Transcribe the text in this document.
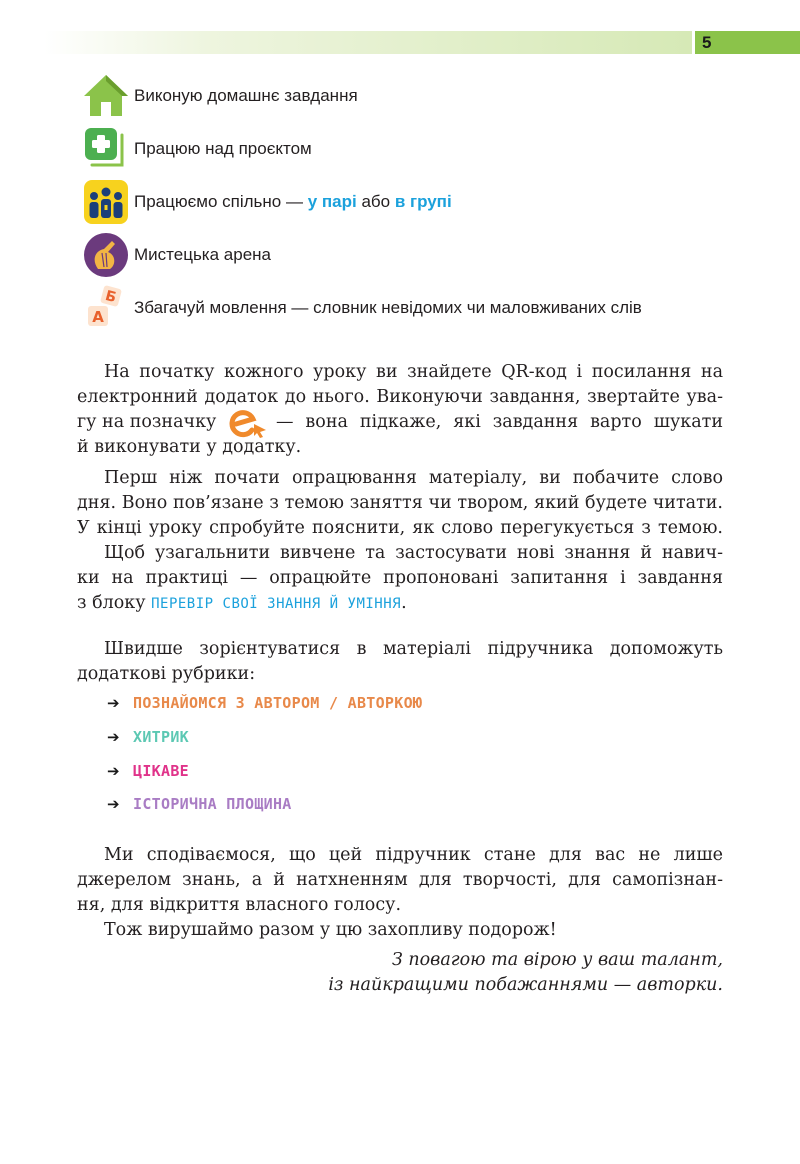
5
Виконую домашнє завдання
Працюю над проєктом
Працюємо спільно — у парі або в групі
Мистецька арена
Б
А Збагачуй мовлення — словник невідомих чи маловживаних слів
На початку кожного уроку ви знайдете QR-код і посилання на
електронний додаток до нього. Виконуючи завдання, звертайте ува-
гу на позначку	— вона підкаже, які завдання варто шукати
й виконувати у додатку.
Перш ніж почати опрацювання матеріалу, ви побачите слово
дня. Воно пов’язане з темою заняття чи твором, який будете читати.
У кінці уроку спробуйте пояснити, як слово перегукується з темою.
Щоб узагальнити вивчене та застосувати нові знання й навич-
ки на практиці — опрацюйте пропоновані запитання і завдання
з блоку ПЕРЕВІР СВОЇ ЗНАННЯ Й УМІННЯ.
Швидше зорієнтуватися в матеріалі підручника допоможуть
додаткові рубрики:
➔ ПОЗНАЙОМСЯ З АВТОРОМ / АВТОРКОЮ
➔ ХИТРИК
➔ ЦІКАВЕ
➔ ІСТОРИЧНА ПЛОЩИНА
Ми сподіваємося, що цей підручник стане для вас не лише
джерелом знань, а й натхненням для творчості, для самопізнан-
ня, для відкриття власного голосу.
Тож вирушаймо разом у цю захопливу подорож!
З повагою та вірою у ваш талант,
із найкращими побажаннями — авторки.
